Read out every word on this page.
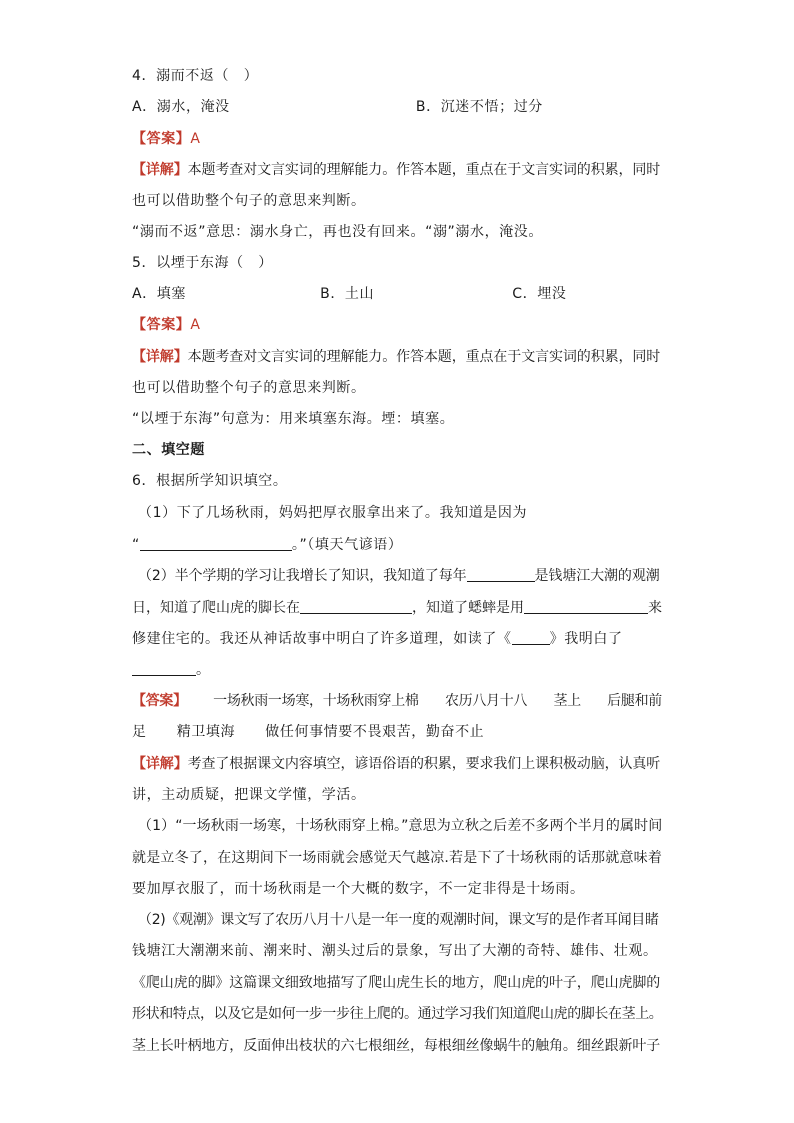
4．溺而不返（　）
A．溺水，淹没	B．沉迷不悟；过分
【答案】A
【详解】本题考查对文言实词的理解能力。作答本题，重点在于文言实词的积累，同时
也可以借助整个句子的意思来判断。
“溺而不返”意思：溺水身亡，再也没有回来。“溺”溺水，淹没。
5．以堙于东海（　）
A．填塞	B．土山	C．埋没
【答案】A
【详解】本题考查对文言实词的理解能力。作答本题，重点在于文言实词的积累，同时
也可以借助整个句子的意思来判断。
“以堙于东海”句意为：用来填塞东海。堙：填塞。
二、填空题
6．根据所学知识填空。
（1）下了几场秋雨，妈妈把厚衣服拿出来了。我知道是因为
“	。”（填天气谚语）
（2）半个学期的学习让我增长了知识，我知道了每年	是钱塘江大潮的观潮
日，知道了爬山虎的脚长在	，知道了蟋蟀是用	来
修建住宅的。我还从神话故事中明白了许多道理，如读了《	》我明白了
。
【答案】 一场秋雨一场寒，十场秋雨穿上棉 农历八月十八 茎上 后腿和前
足 精卫填海 做任何事情要不畏艰苦，勤奋不止
【详解】考查了根据课文内容填空，谚语俗语的积累，要求我们上课积极动脑，认真听
讲，主动质疑，把课文学懂，学活。
（1）“一场秋雨一场寒，十场秋雨穿上棉。”意思为立秋之后差不多两个半月的属时间
就是立冬了，在这期间下一场雨就会感觉天气越凉.若是下了十场秋雨的话那就意味着
要加厚衣服了，而十场秋雨是一个大概的数字，不一定非得是十场雨。
（2)《观潮》课文写了农历八月十八是一年一度的观潮时间，课文写的是作者耳闻目睹
钱塘江大潮潮来前、潮来时、潮头过后的景象，写出了大潮的奇特、雄伟、壮观。
《爬山虎的脚》这篇课文细致地描写了爬山虎生长的地方，爬山虎的叶子，爬山虎脚的
形状和特点，以及它是如何一步一步往上爬的。通过学习我们知道爬山虎的脚长在茎上。
茎上长叶柄地方，反面伸出枝状的六七根细丝，每根细丝像蜗牛的触角。细丝跟新叶子
